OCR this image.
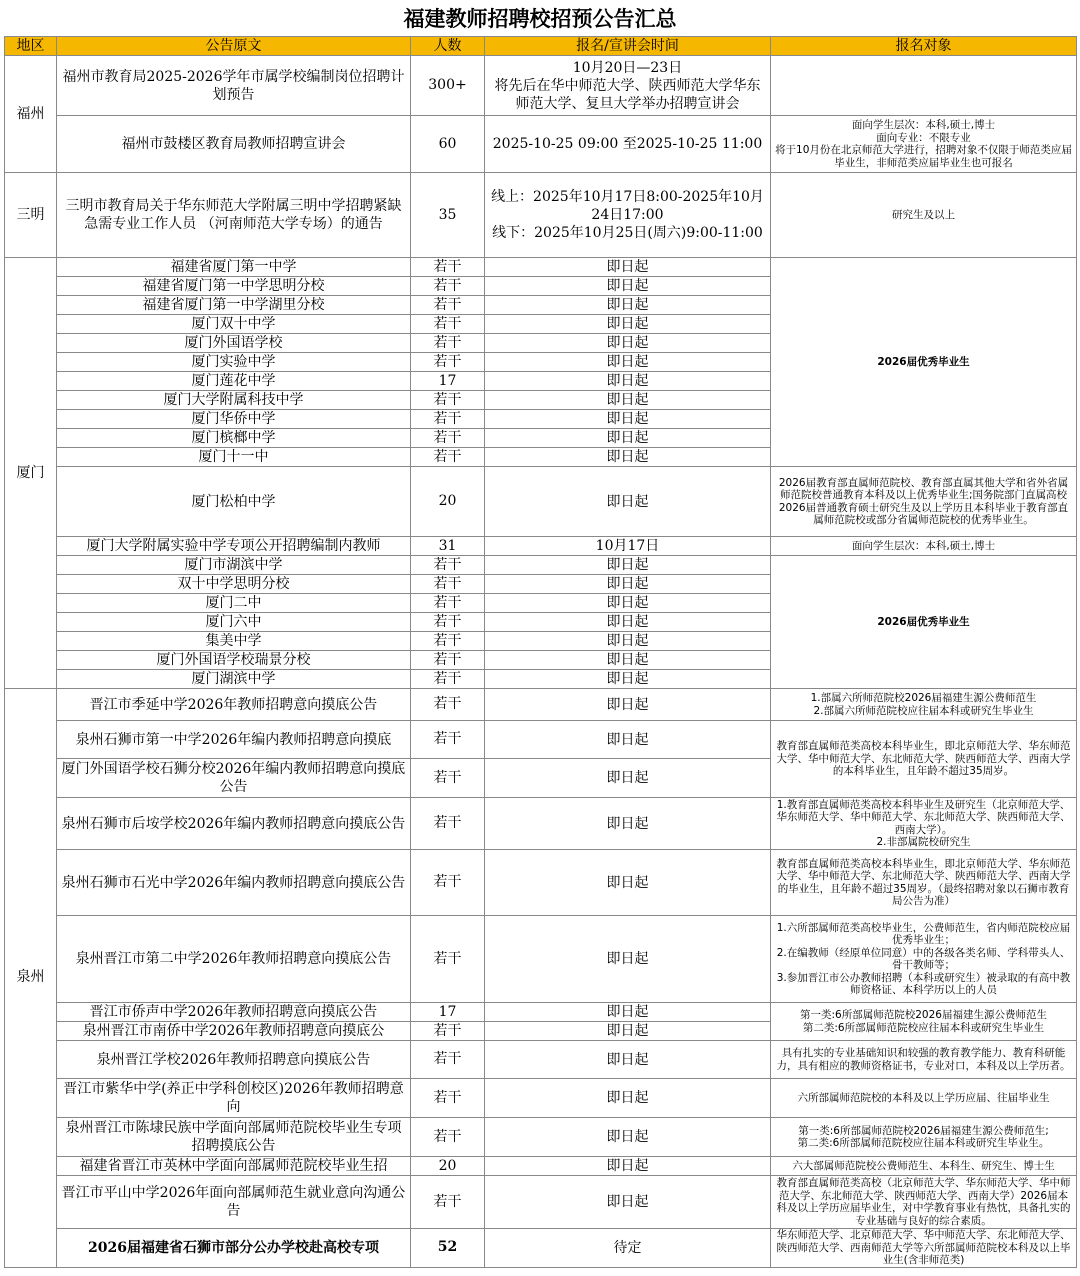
福建教师招聘校招预公告汇总
地区	公告原文	人数	报名/宣讲会时间	报名对象
福州	福州市教育局2025-2026学年市属学校编制岗位招聘计划预告	300+	10月20日—23日
将先后在华中师范大学、陕西师范大学华东师范大学、复旦大学举办招聘宣讲会	
	福州市鼓楼区教育局教师招聘宣讲会	60	2025-10-25 09:00 至2025-10-25 11:00	面向学生层次：本科,硕士,博士
面向专业：不限专业
将于10月份在北京师范大学进行，招聘对象不仅限于师范类应届毕业生，非师范类应届毕业生也可报名
三明	三明市教育局关于华东师范大学附属三明中学招聘紧缺急需专业工作人员 （河南师范大学专场）的通告	35	线上：2025年10月17日8:00-2025年10月24日17:00
线下：2025年10月25日(周六)9:00-11:00	研究生及以上
厦门	福建省厦门第一中学	若干	即日起	2026届优秀毕业生
	福建省厦门第一中学思明分校	若干	即日起	
	福建省厦门第一中学湖里分校	若干	即日起	
	厦门双十中学	若干	即日起	
	厦门外国语学校	若干	即日起	
	厦门实验中学	若干	即日起	
	厦门莲花中学	17	即日起	
	厦门大学附属科技中学	若干	即日起	
	厦门华侨中学	若干	即日起	
	厦门槟榔中学	若干	即日起	
	厦门十一中	若干	即日起	
	厦门松柏中学	20	即日起	2026届教育部直属师范院校、教育部直属其他大学和省外省属师范院校普通教育本科及以上优秀毕业生;国务院部门直属高校2026届普通教育硕士研究生及以上学历且本科毕业于教育部直属师范院校或部分省属师范院校的优秀毕业生。
	厦门大学附属实验中学专项公开招聘编制内教师	31	10月17日	面向学生层次：本科,硕士,博士
	厦门市湖滨中学	若干	即日起	2026届优秀毕业生
	双十中学思明分校	若干	即日起	
	厦门二中	若干	即日起	
	厦门六中	若干	即日起	
	集美中学	若干	即日起	
	厦门外国语学校瑞景分校	若干	即日起	
	厦门湖滨中学	若干	即日起	
泉州	晋江市季延中学2026年教师招聘意向摸底公告	若干	即日起	1.部属六所师范院校2026届福建生源公费师范生
2.部属六所师范院校应往届本科或研究生毕业生
	泉州石狮市第一中学2026年编内教师招聘意向摸底	若干	即日起	教育部直属师范类高校本科毕业生，即北京师范大学、华东师范大学、华中师范大学、东北师范大学、陕西师范大学、西南大学的本科毕业生，且年龄不超过35周岁。
	厦门外国语学校石狮分校2026年编内教师招聘意向摸底公告	若干	即日起	
	泉州石狮市后垵学校2026年编内教师招聘意向摸底公告	若干	即日起	1.教育部直属师范类高校本科毕业生及研究生（北京师范大学、华东师范大学、华中师范大学、东北师范大学、陕西师范大学、西南大学）。
2.非部属院校研究生
	泉州石狮市石光中学2026年编内教师招聘意向摸底公告	若干	即日起	教育部直属师范类高校本科毕业生，即北京师范大学、华东师范大学、华中师范大学、东北师范大学、陕西师范大学、西南大学的毕业生，且年龄不超过35周岁。（最终招聘对象以石狮市教育局公告为准）
	泉州晋江市第二中学2026年教师招聘意向摸底公告	若干	即日起	1.六所部属师范类高校毕业生，公费师范生，省内师范院校应届优秀毕业生；
2.在编教师（经原单位同意）中的各级各类名师、学科带头人、骨干教师等；
3.参加晋江市公办教师招聘（本科或研究生）被录取的有高中教师资格证、本科学历以上的人员
	晋江市侨声中学2026年教师招聘意向摸底公告	17	即日起	第一类:6所部属师范院校2026届福建生源公费师范生
第二类:6所部属师范院校应往届本科或研究生毕业生
	泉州晋江市南侨中学2026年教师招聘意向摸底公	若干	即日起	
	泉州晋江学校2026年教师招聘意向摸底公告	若干	即日起	具有扎实的专业基础知识和较强的教育教学能力、教育科研能力，具有相应的教师资格证书，专业对口，本科及以上学历者。
	晋江市紫华中学(养正中学科创校区)2026年教师招聘意向	若干	即日起	六所部属师范院校的本科及以上学历应届、往届毕业生
	泉州晋江市陈埭民族中学面向部属师范院校毕业生专项招聘摸底公告	若干	即日起	第一类:6所部属师范院校2026届福建生源公费师范生;
第二类:6所部属师范院校应往届本科或研究生毕业生。
	福建省晋江市英林中学面向部属师范院校毕业生招	20	即日起	六大部属师范院校公费师范生、本科生、研究生、博士生
	晋江市平山中学2026年面向部属师范生就业意向沟通公告	若干	即日起	教育部直属师范类高校（北京师范大学、华东师范大学、华中师范大学、东北师范大学、陕西师范大学、西南大学）2026届本科及以上学历应届毕业生，对中学教育事业有热忱，具备扎实的专业基础与良好的综合素质。
	2026届福建省石狮市部分公办学校赴高校专项	52	待定	华东师范大学、北京师范大学、华中师范大学、东北师范大学、陕西师范大学、西南师范大学等六所部属师范院校本科及以上毕业生(含非师范类)
